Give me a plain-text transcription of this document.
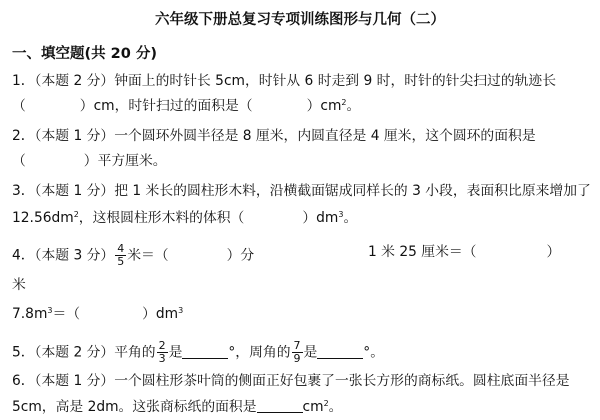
六年级下册总复习专项训练图形与几何（二）
一、填空题(共 20 分)
1．（本题 2 分）钟面上的时针长 5cm，时针从 6 时走到 9 时，时针的针尖扫过的轨迹长
（	）cm，时针扫过的面积是（	）$cm^2$。
2．（本题 1 分）一个圆环外圆半径是 8 厘米，内圆直径是 4 厘米，这个圆环的面积是
（	）平方厘米。
3．（本题 1 分）把 1 米长的圆柱形木料，沿横截面锯成同样长的 3 小段，表面积比原来增加了
$12.56dm^2$，这根圆柱形木料的体积（	）$dm^3$。
4．（本题 3 分） $\frac{4}{5}$ 米＝（	）分	1 米 25 厘米＝（	）
米
$7.8m^3=$（	）$dm^3$
5．（本题 2 分）平角的 $\frac{2}{3}$ 是	°，周角的 $\frac{7}{9}$ 是	°。
6．（本题 1 分）一个圆柱形茶叶筒的侧面正好包裹了一张长方形的商标纸。圆柱底面半径是
5cm，高是 2dm。这张商标纸的面积是	$cm^2$。
